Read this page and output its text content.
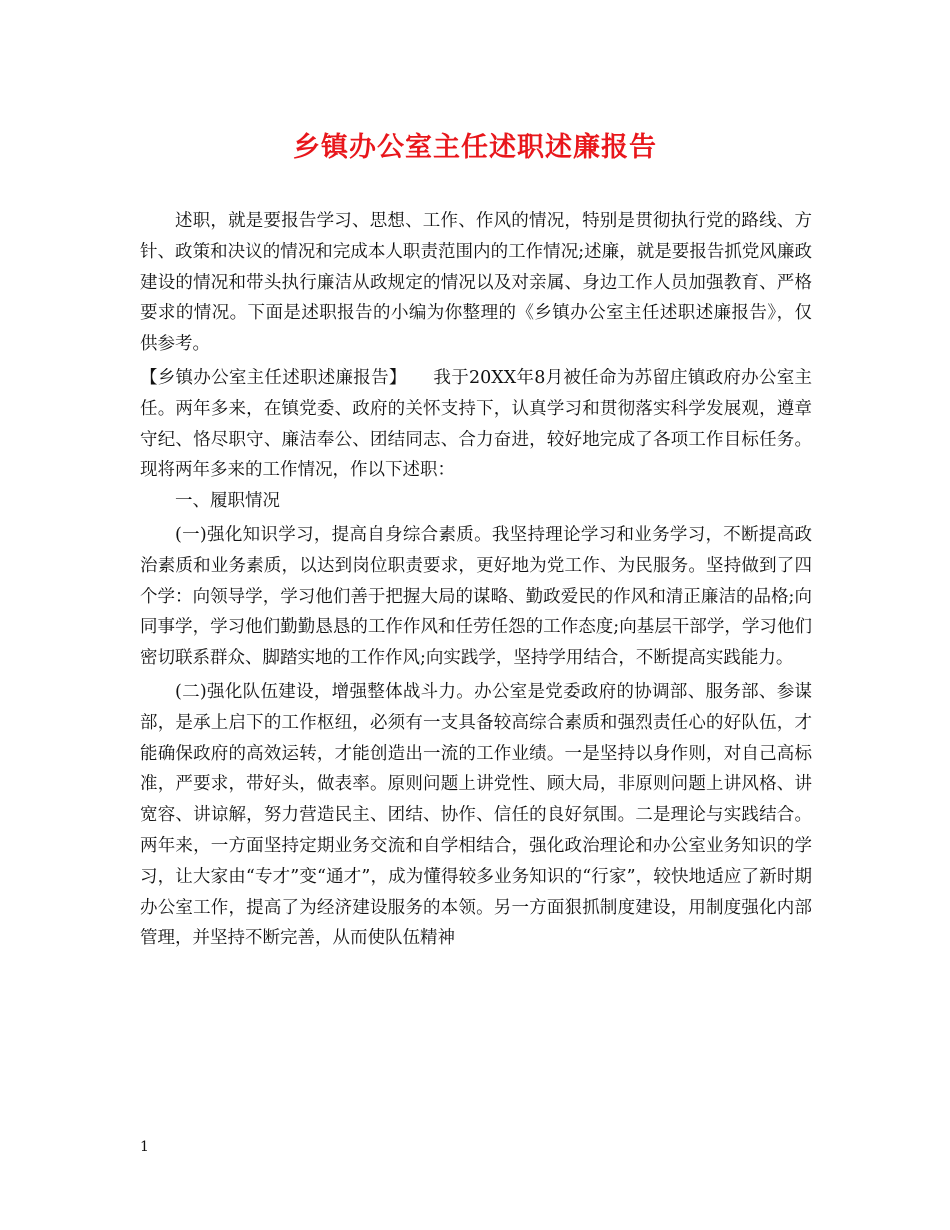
乡镇办公室主任述职述廉报告

述职，就是要报告学习、思想、工作、作风的情况，特别是贯彻执行党的路线、方针、政策和决议的情况和完成本人职责范围内的工作情况;述廉，就是要报告抓党风廉政建设的情况和带头执行廉洁从政规定的情况以及对亲属、身边工作人员加强教育、严格要求的情况。下面是述职报告的小编为你整理的《乡镇办公室主任述职述廉报告》，仅供参考。

【乡镇办公室主任述职述廉报告】　　我于20XX年8月被任命为苏留庄镇政府办公室主任。两年多来，在镇党委、政府的关怀支持下，认真学习和贯彻落实科学发展观，遵章守纪、恪尽职守、廉洁奉公、团结同志、合力奋进，较好地完成了各项工作目标任务。现将两年多来的工作情况，作以下述职：

一、履职情况

(一)强化知识学习，提高自身综合素质。我坚持理论学习和业务学习，不断提高政治素质和业务素质，以达到岗位职责要求，更好地为党工作、为民服务。坚持做到了四个学：向领导学，学习他们善于把握大局的谋略、勤政爱民的作风和清正廉洁的品格;向同事学，学习他们勤勤恳恳的工作作风和任劳任怨的工作态度;向基层干部学，学习他们密切联系群众、脚踏实地的工作作风;向实践学，坚持学用结合，不断提高实践能力。

(二)强化队伍建设，增强整体战斗力。办公室是党委政府的协调部、服务部、参谋部，是承上启下的工作枢纽，必须有一支具备较高综合素质和强烈责任心的好队伍，才能确保政府的高效运转，才能创造出一流的工作业绩。一是坚持以身作则，对自己高标准，严要求，带好头，做表率。原则问题上讲党性、顾大局，非原则问题上讲风格、讲宽容、讲谅解，努力营造民主、团结、协作、信任的良好氛围。二是理论与实践结合。两年来，一方面坚持定期业务交流和自学相结合，强化政治理论和办公室业务知识的学习，让大家由“专才”变“通才”，成为懂得较多业务知识的“行家”，较快地适应了新时期办公室工作，提高了为经济建设服务的本领。另一方面狠抓制度建设，用制度强化内部管理，并坚持不断完善，从而使队伍精神

1
